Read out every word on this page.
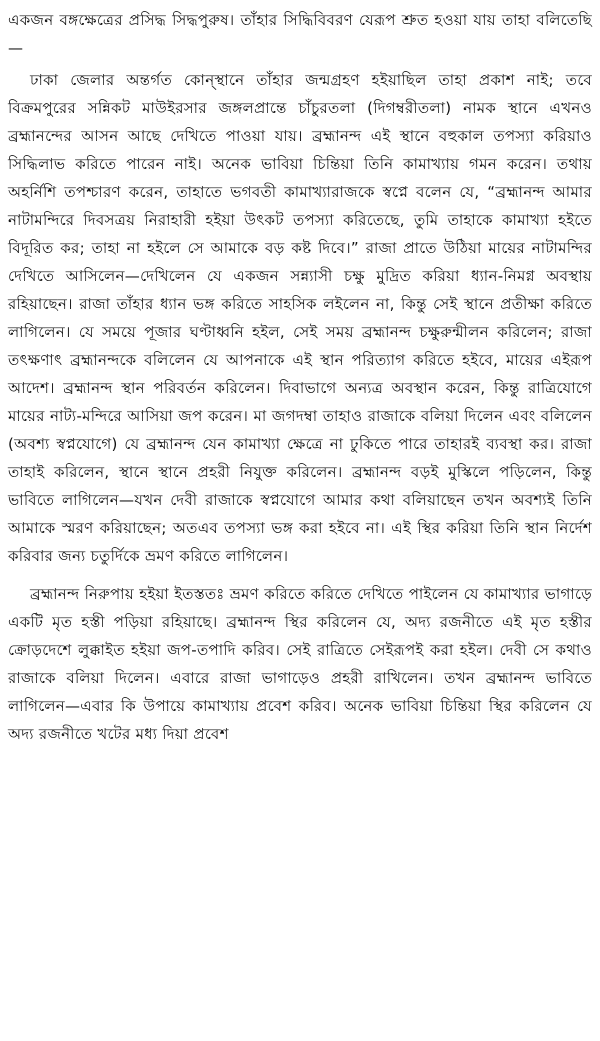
একজন বঙ্গক্ষেত্রের প্রসিদ্ধ সিদ্ধপুরুষ। তাঁহার সিদ্ধিবিবরণ যেরূপ শ্রুত হওয়া যায় তাহা বলিতেছি—

ঢাকা জেলার অন্তর্গত কোন্‌স্থানে তাঁহার জন্মগ্রহণ হইয়াছিল তাহা প্রকাশ নাই; তবে বিক্রমপুরের সন্নিকট মাউইরসার জঙ্গলপ্রান্তে চাঁচুরতলা (দিগম্বরীতলা) নামক স্থানে এখনও ব্রহ্মানন্দের আসন আছে দেখিতে পাওয়া যায়। ব্রহ্মানন্দ এই স্থানে বহুকাল তপস্যা করিয়াও সিদ্ধিলাভ করিতে পারেন নাই। অনেক ভাবিয়া চিন্তিয়া তিনি কামাখ্যায় গমন করেন। তথায় অহর্নিশি তপশ্চারণ করেন, তাহাতে ভগবতী কামাখ্যারাজকে স্বপ্নে বলেন যে, “ব্রহ্মানন্দ আমার নাটামন্দিরে দিবসত্রয় নিরাহারী হইয়া উৎকট তপস্যা করিতেছে, তুমি তাহাকে কামাখ্যা হইতে বিদূরিত কর; তাহা না হইলে সে আমাকে বড় কষ্ট দিবে।” রাজা প্রাতে উঠিয়া মায়ের নাটামন্দির দেখিতে আসিলেন—দেখিলেন যে একজন সন্ন্যাসী চক্ষু মুদ্রিত করিয়া ধ্যান-নিমগ্ন অবস্থায় রহিয়াছেন। রাজা তাঁহার ধ্যান ভঙ্গ করিতে সাহসিক লইলেন না, কিন্তু সেই স্থানে প্রতীক্ষা করিতে লাগিলেন। যে সময়ে পূজার ঘণ্টাধ্বনি হইল, সেই সময় ব্রহ্মানন্দ চক্ষুরুন্মীলন করিলেন; রাজা তৎক্ষণাৎ ব্রহ্মানন্দকে বলিলেন যে আপনাকে এই স্থান পরিত্যাগ করিতে হইবে, মায়ের এইরূপ আদেশ। ব্রহ্মানন্দ স্থান পরিবর্তন করিলেন। দিবাভাগে অন্যত্র অবস্থান করেন, কিন্তু রাত্রিযোগে মায়ের নাট্য-মন্দিরে আসিয়া জপ করেন। মা জগদম্বা তাহাও রাজাকে বলিয়া দিলেন এবং বলিলেন (অবশ্য স্বপ্নযোগে) যে ব্রহ্মানন্দ যেন কামাখ্যা ক্ষেত্রে না ঢুকিতে পারে তাহারই ব্যবস্থা কর। রাজা তাহাই করিলেন, স্থানে স্থানে প্রহরী নিযুক্ত করিলেন। ব্রহ্মানন্দ বড়ই মুস্কিলে পড়িলেন, কিন্তু ভাবিতে লাগিলেন—যখন দেবী রাজাকে স্বপ্নযোগে আমার কথা বলিয়াছেন তখন অবশ্যই তিনি আমাকে স্মরণ করিয়াছেন; অতএব তপস্যা ভঙ্গ করা হইবে না। এই স্থির করিয়া তিনি স্থান নির্দেশ করিবার জন্য চতুর্দিকে ভ্রমণ করিতে লাগিলেন।

ব্রহ্মানন্দ নিরুপায় হইয়া ইতস্ততঃ ভ্রমণ করিতে করিতে দেখিতে পাইলেন যে কামাখ্যার ভাগাড়ে একটি মৃত হস্তী পড়িয়া রহিয়াছে। ব্রহ্মানন্দ স্থির করিলেন যে, অদ্য রজনীতে এই মৃত হস্তীর ক্রোড়দেশে লুক্কাইত হইয়া জপ-তপাদি করিব। সেই রাত্রিতে সেইরূপই করা হইল। দেবী সে কথাও রাজাকে বলিয়া দিলেন। এবারে রাজা ভাগাড়েও প্রহরী রাখিলেন। তখন ব্রহ্মানন্দ ভাবিতে লাগিলেন—এবার কি উপায়ে কামাখ্যায় প্রবেশ করিব। অনেক ভাবিয়া চিন্তিয়া স্থির করিলেন যে অদ্য রজনীতে খটের মধ্য দিয়া প্রবেশ
